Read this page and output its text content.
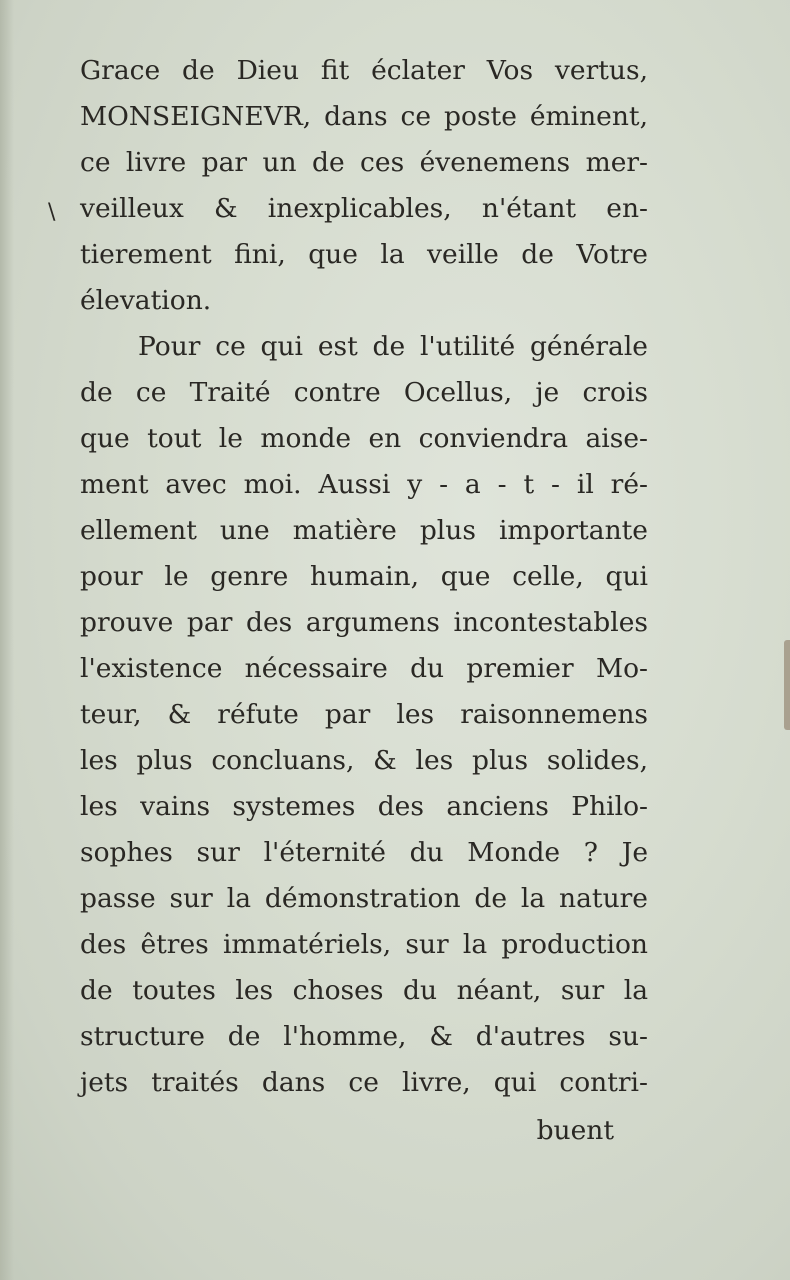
\
Grace de Dieu fit éclater Vos vertus,
MONSEIGNEVR, dans ce poste éminent,
ce livre par un de ces évenemens mer-
veilleux & inexplicables, n'étant en-
tierement fini, que la veille de Votre
élevation.
Pour ce qui est de l'utilité générale
de ce Traité contre Ocellus, je crois
que tout le monde en conviendra aise-
ment avec moi. Aussi y - a - t - il ré-
ellement une matière plus importante
pour le genre humain, que celle, qui
prouve par des argumens incontestables
l'existence nécessaire du premier Mo-
teur, & réfute par les raisonnemens
les plus concluans, & les plus solides,
les vains systemes des anciens Philo-
sophes sur l'éternité du Monde ? Je
passe sur la démonstration de la nature
des êtres immatériels, sur la production
de toutes les choses du néant, sur la
structure de l'homme, & d'autres su-
jets traités dans ce livre, qui contri-
buent
